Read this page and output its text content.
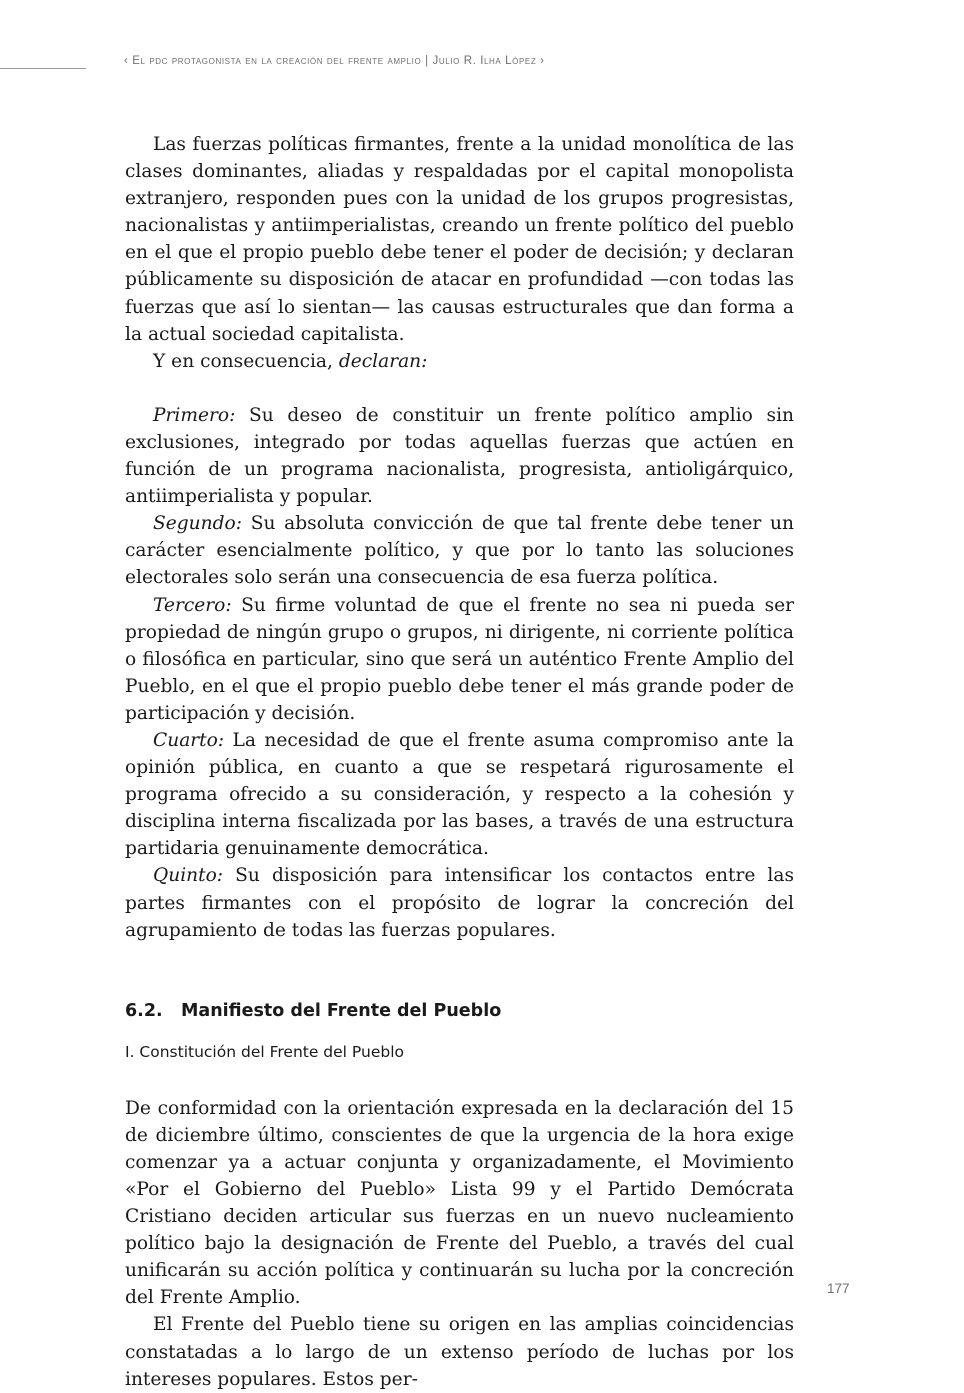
‹ El pdc protagonista en la creación del frente amplio | Julio R. Ilha López ›

Las fuerzas políticas firmantes, frente a la unidad monolítica de las clases dominantes, aliadas y respaldadas por el capital monopolista extranjero, responden pues con la unidad de los grupos progresistas, nacionalistas y antiimperialistas, creando un frente político del pueblo en el que el propio pueblo debe tener el poder de decisión; y declaran públicamente su disposición de atacar en profundidad —con todas las fuerzas que así lo sientan— las causas estructurales que dan forma a la actual sociedad capitalista.

Y en consecuencia, declaran:

Primero: Su deseo de constituir un frente político amplio sin exclusiones, integrado por todas aquellas fuerzas que actúen en función de un programa nacionalista, progresista, antioligárquico, antiimperialista y popular.

Segundo: Su absoluta convicción de que tal frente debe tener un carácter esencialmente político, y que por lo tanto las soluciones electorales solo serán una consecuencia de esa fuerza política.

Tercero: Su firme voluntad de que el frente no sea ni pueda ser propiedad de ningún grupo o grupos, ni dirigente, ni corriente política o filosófica en particular, sino que será un auténtico Frente Amplio del Pueblo, en el que el propio pueblo debe tener el más grande poder de participación y decisión.

Cuarto: La necesidad de que el frente asuma compromiso ante la opinión pública, en cuanto a que se respetará rigurosamente el programa ofrecido a su consideración, y respecto a la cohesión y disciplina interna fiscalizada por las bases, a través de una estructura partidaria genuinamente democrática.

Quinto: Su disposición para intensificar los contactos entre las partes firmantes con el propósito de lograr la concreción del agrupamiento de todas las fuerzas populares.

6.2. Manifiesto del Frente del Pueblo
I. Constitución del Frente del Pueblo

De conformidad con la orientación expresada en la declaración del 15 de diciembre último, conscientes de que la urgencia de la hora exige comenzar ya a actuar conjunta y organizadamente, el Movimiento «Por el Gobierno del Pueblo» Lista 99 y el Partido Demócrata Cristiano deciden articular sus fuerzas en un nuevo nucleamiento político bajo la designación de Frente del Pueblo, a través del cual unificarán su acción política y continuarán su lucha por la concreción del Frente Amplio.

El Frente del Pueblo tiene su origen en las amplias coincidencias constatadas a lo largo de un extenso período de luchas por los intereses populares. Estos per-

177
